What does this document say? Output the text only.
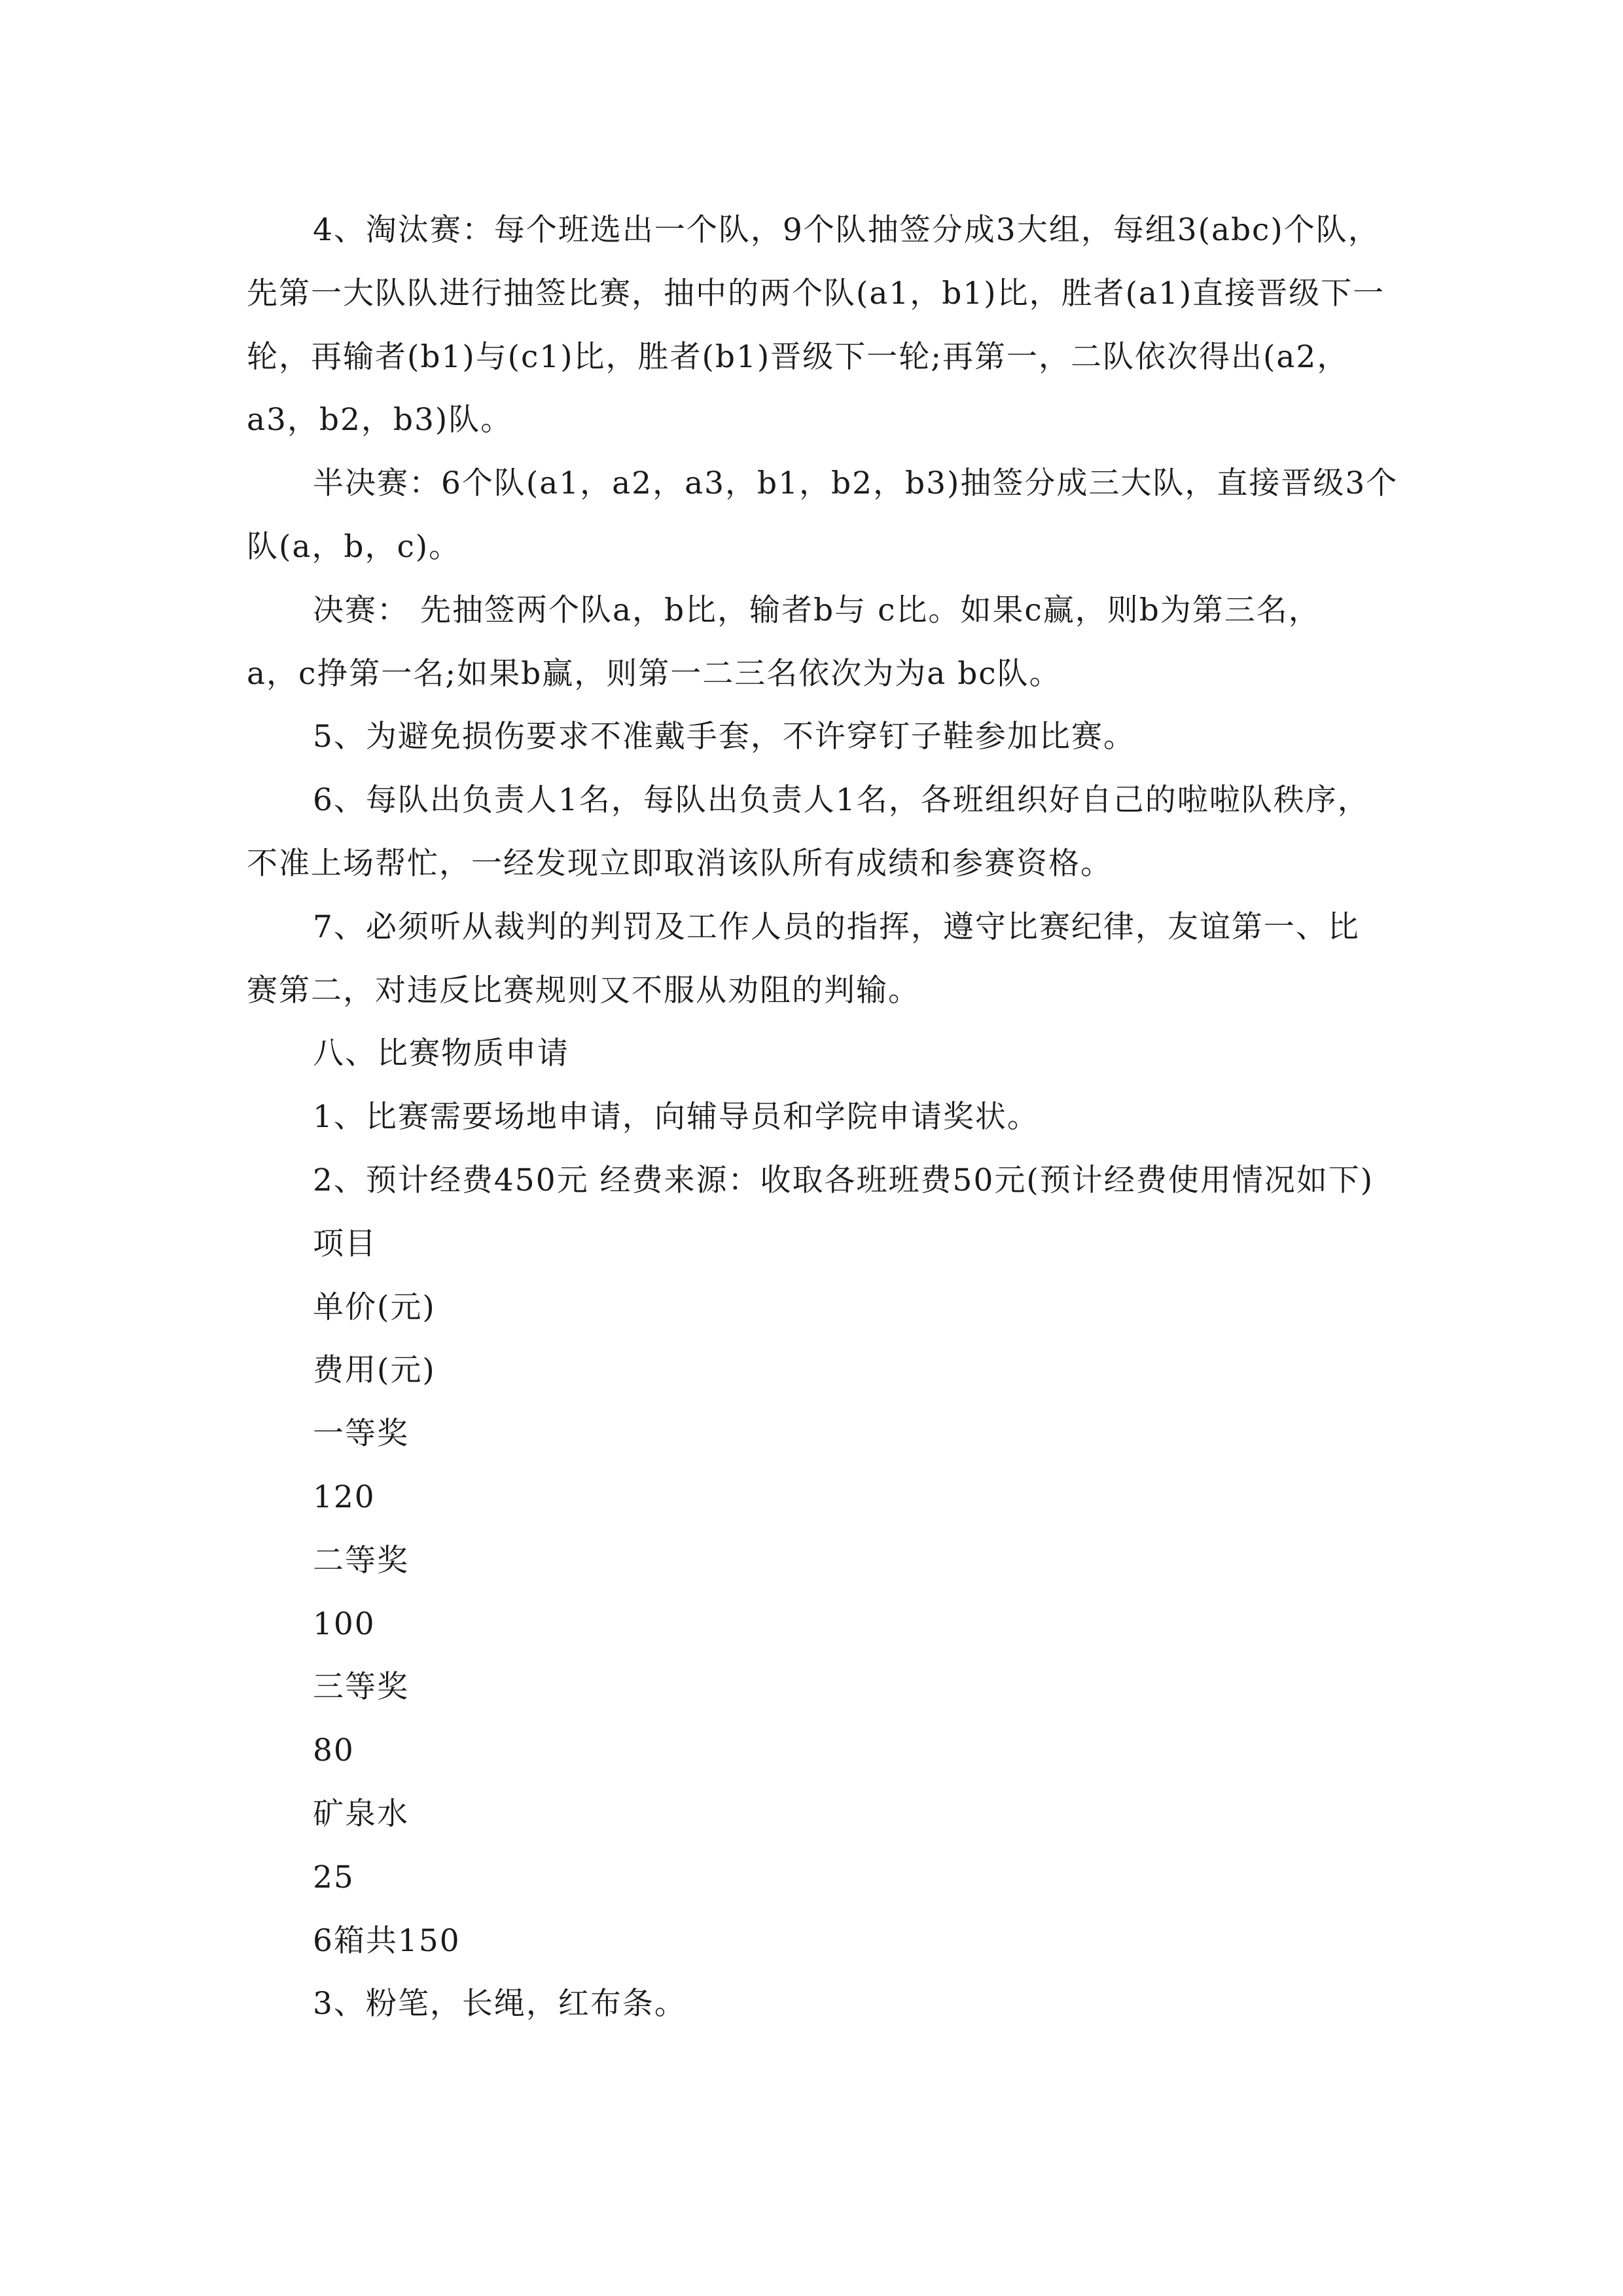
4、淘汰赛：每个班选出一个队，9个队抽签分成3大组，每组3(abc)个队，
先第一大队队进行抽签比赛，抽中的两个队(a1，b1)比，胜者(a1)直接晋级下一
轮，再输者(b1)与(c1)比，胜者(b1)晋级下一轮;再第一，二队依次得出(a2，
a3，b2，b3)队。
半决赛：6个队(a1，a2，a3，b1，b2，b3)抽签分成三大队，直接晋级3个
队(a，b，c)。
决赛： 先抽签两个队a，b比，输者b与 c比。如果c赢，则b为第三名，
a，c挣第一名;如果b赢，则第一二三名依次为为a bc队。
5、为避免损伤要求不准戴手套，不许穿钉子鞋参加比赛。
6、每队出负责人1名，每队出负责人1名，各班组织好自己的啦啦队秩序，
不准上场帮忙，一经发现立即取消该队所有成绩和参赛资格。
7、必须听从裁判的判罚及工作人员的指挥，遵守比赛纪律，友谊第一、比
赛第二，对违反比赛规则又不服从劝阻的判输。
八、比赛物质申请
1、比赛需要场地申请，向辅导员和学院申请奖状。
2、预计经费450元 经费来源：收取各班班费50元(预计经费使用情况如下)
项目
单价(元)
费用(元)
一等奖
120
二等奖
100
三等奖
80
矿泉水
25
6箱共150
3、粉笔，长绳，红布条。
